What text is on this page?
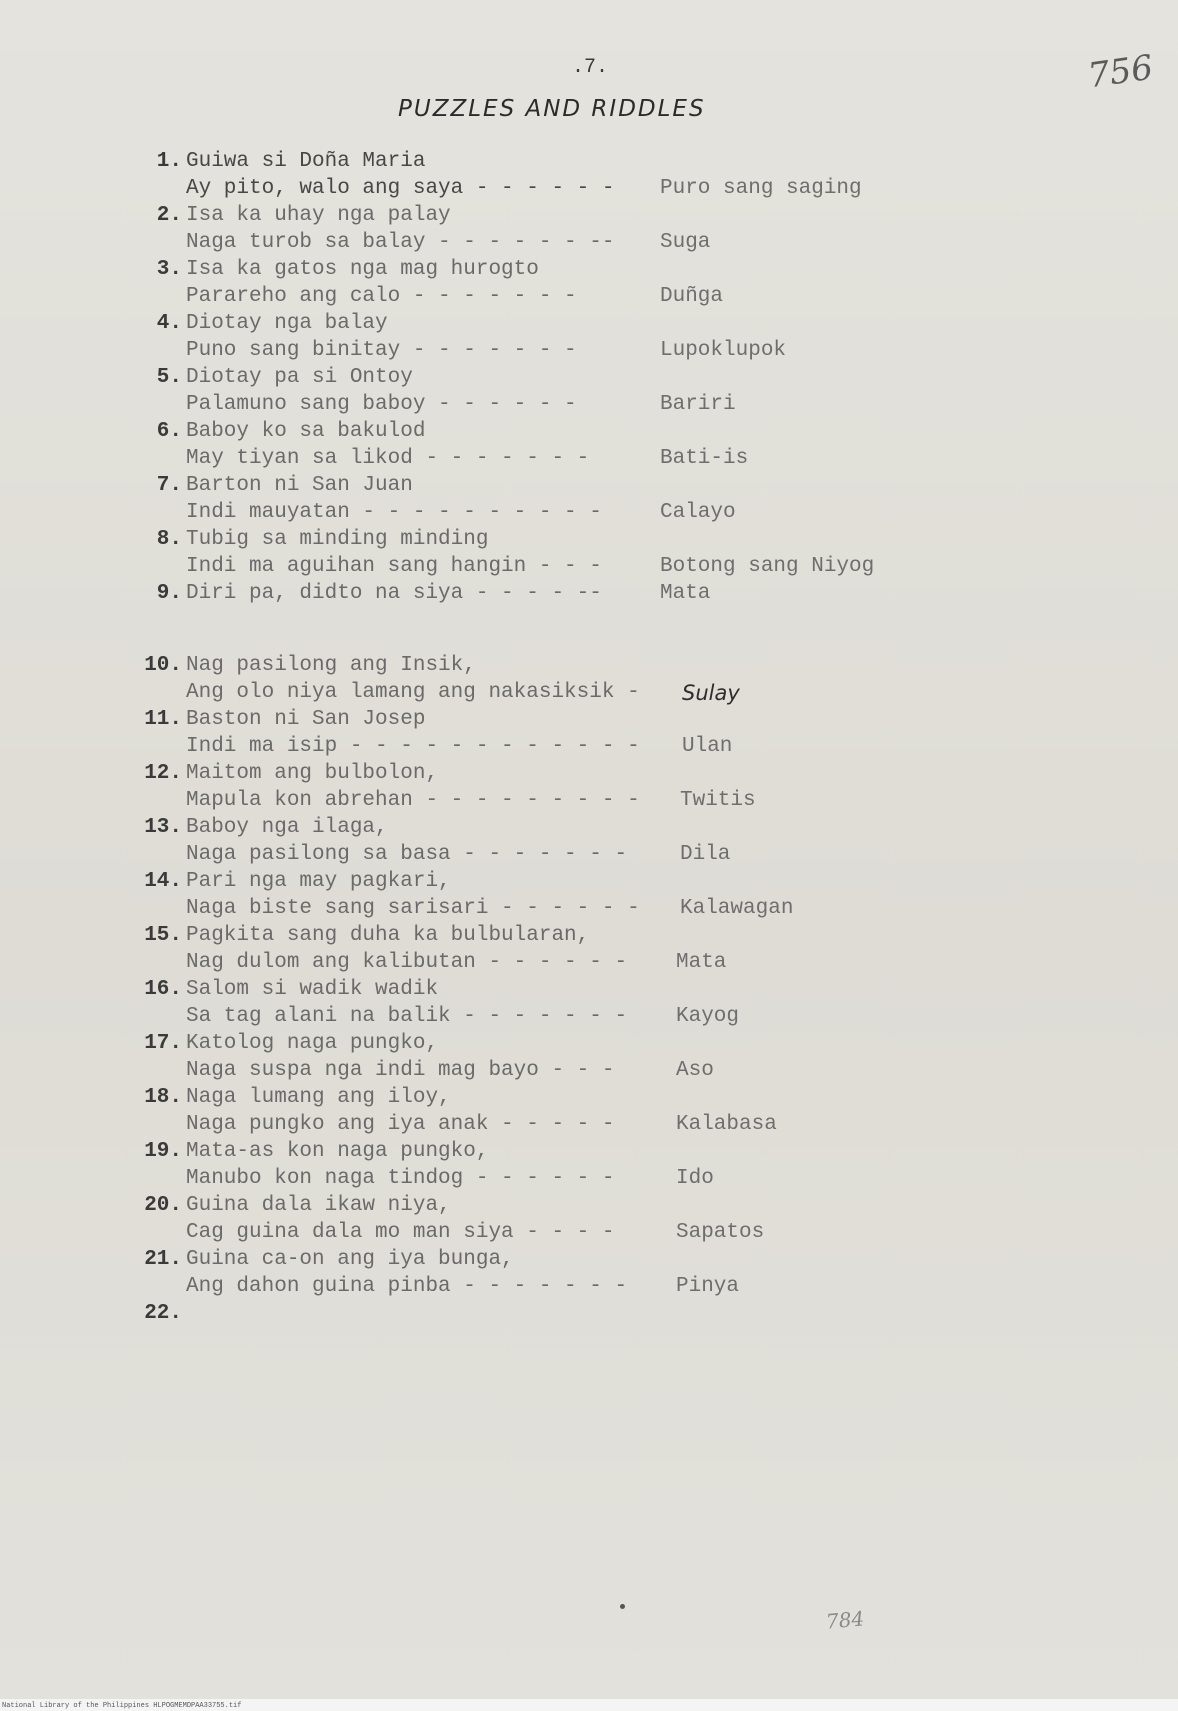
.7.
PUZZLES AND RIDDLES
756
1. Guiwa si Doña Maria
Ay pito, walo ang saya - - - - - - Puro sang saging
2. Isa ka uhay nga palay
Naga turob sa balay - - - - - - -- Suga
3. Isa ka gatos nga mag hurogto
Parareho ang calo - - - - - - -	Duñga
4. Diotay nga balay
Puno sang binitay - - - - - - -	Lupoklupok
5. Diotay pa si Ontoy
Palamuno sang baboy - - - - - -	Bariri
6. Baboy ko sa bakulod
May tiyan sa likod - - - - - - -	Bati-is
7. Barton ni San Juan
Indi mauyatan - - - - - - - - - -	Calayo
8. Tubig sa minding minding
Indi ma aguihan sang hangin - - -	Botong sang Niyog
9. Diri pa, didto na siya - - - - --	Mata
10. Nag pasilong ang Insik,
Ang olo niya lamang ang nakasiksik - Sulay
11. Baston ni San Josep
Indi ma isip - - - - - - - - - - - - Ulan
12. Maitom ang bulbolon,
Mapula kon abrehan - - - - - - - - - Twitis
13. Baboy nga ilaga,
Naga pasilong sa basa - - - - - - -	Dila
14. Pari nga may pagkari,
Naga biste sang sarisari - - - - - - Kalawagan
15. Pagkita sang duha ka bulbularan,
Nag dulom ang kalibutan - - - - - - Mata
16. Salom si wadik wadik
Sa tag alani na balik - - - - - - - Kayog
17. Katolog naga pungko,
Naga suspa nga indi mag bayo - - -	Aso
18. Naga lumang ang iloy,
Naga pungko ang iya anak - - - - -	Kalabasa
19. Mata-as kon naga pungko,
Manubo kon naga tindog - - - - - -	Ido
20. Guina dala ikaw niya,
Cag guina dala mo man siya - - - -	Sapatos
21. Guina ca-on ang iya bunga,
Ang dahon guina pinba - - - - - - - Pinya
22.
784
National Library of the Philippines HLPOGMEMDPAA33755.tif
